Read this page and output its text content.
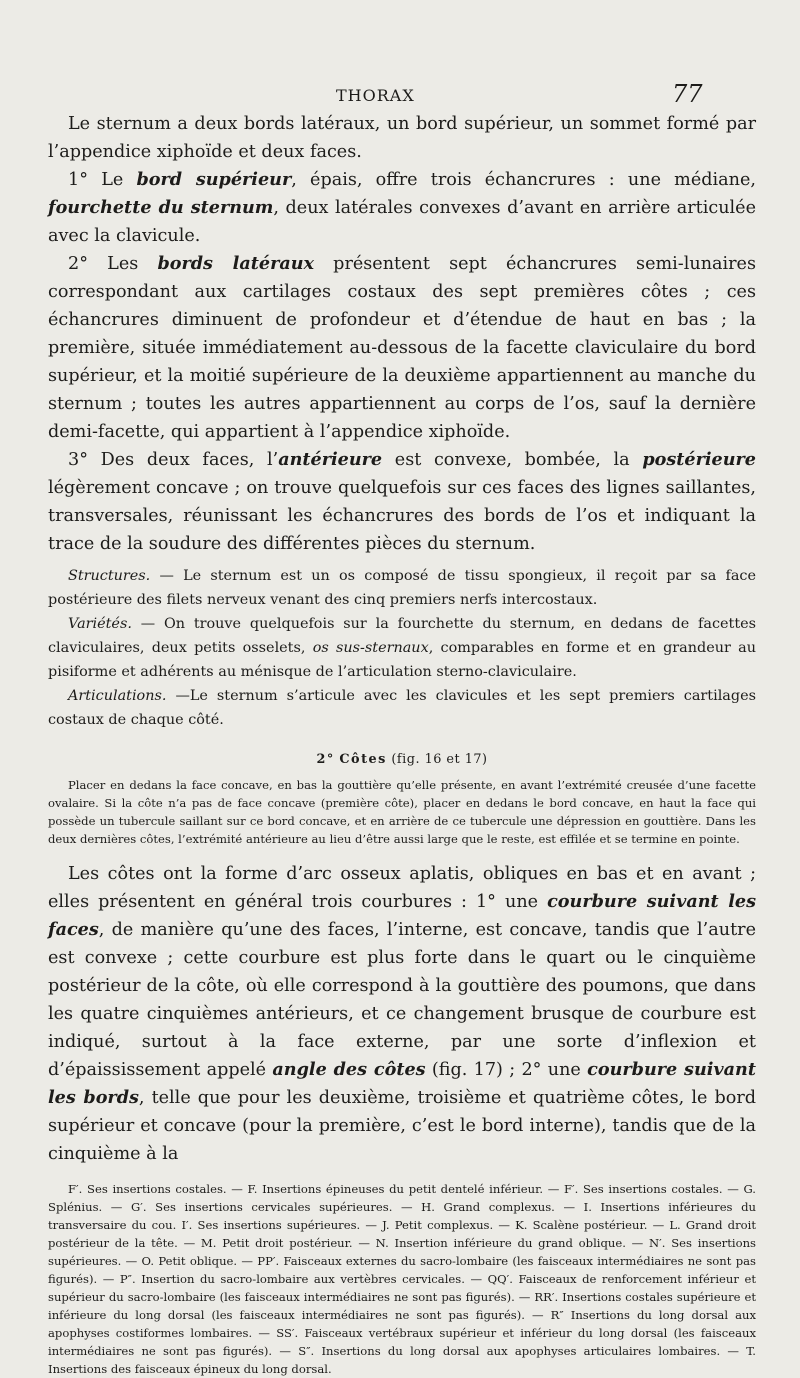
THORAX	77

Le sternum a deux bords latéraux, un bord supérieur, un sommet formé par l’appendice xiphoïde et deux faces.

1° Le bord supérieur, épais, offre trois échancrures : une médiane, fourchette du sternum, deux latérales convexes d’avant en arrière articulée avec la clavicule.

2° Les bords latéraux présentent sept échancrures semi-lunaires correspondant aux cartilages costaux des sept premières côtes ; ces échancrures diminuent de profondeur et d’étendue de haut en bas ; la première, située immédiatement au-dessous de la facette claviculaire du bord supérieur, et la moitié supérieure de la deuxième appartiennent au manche du sternum ; toutes les autres appartiennent au corps de l’os, sauf la dernière demi-facette, qui appartient à l’appendice xiphoïde.

3° Des deux faces, l’antérieure est convexe, bombée, la postérieure légèrement concave ; on trouve quelquefois sur ces faces des lignes saillantes, transversales, réunissant les échancrures des bords de l’os et indiquant la trace de la soudure des différentes pièces du sternum.

Structures. — Le sternum est un os composé de tissu spongieux, il reçoit par sa face postérieure des filets nerveux venant des cinq premiers nerfs intercostaux.

Variétés. — On trouve quelquefois sur la fourchette du sternum, en dedans de facettes claviculaires, deux petits osselets, os sus-sternaux, comparables en forme et en grandeur au pisiforme et adhérents au ménisque de l’articulation sterno-claviculaire.

Articulations. —Le sternum s’articule avec les clavicules et les sept premiers cartilages costaux de chaque côté.

2° Côtes (fig. 16 et 17)

Placer en dedans la face concave, en bas la gouttière qu’elle présente, en avant l’extrémité creusée d’une facette ovalaire. Si la côte n’a pas de face concave (première côte), placer en dedans le bord concave, en haut la face qui possède un tubercule saillant sur ce bord concave, et en arrière de ce tubercule une dépression en gouttière. Dans les deux dernières côtes, l’extrémité antérieure au lieu d’être aussi large que le reste, est effilée et se termine en pointe.

Les côtes ont la forme d’arc osseux aplatis, obliques en bas et en avant ; elles présentent en général trois courbures : 1° une courbure suivant les faces, de manière qu’une des faces, l’interne, est concave, tandis que l’autre est convexe ; cette courbure est plus forte dans le quart ou le cinquième postérieur de la côte, où elle correspond à la gouttière des poumons, que dans les quatre cinquièmes antérieurs, et ce changement brusque de courbure est indiqué, surtout à la face externe, par une sorte d’inflexion et d’épaississement appelé angle des côtes (fig. 17) ; 2° une courbure suivant les bords, telle que pour les deuxième, troisième et quatrième côtes, le bord supérieur et concave (pour la première, c’est le bord interne), tandis que de la cinquième à la

F′. Ses insertions costales. — F. Insertions épineuses du petit dentelé inférieur. — F′. Ses insertions costales. — G. Splénius. — G′. Ses insertions cervicales supérieures. — H. Grand complexus. — I. Insertions inférieures du transversaire du cou. I′. Ses insertions supérieures. — J. Petit complexus. — K. Scalène postérieur. — L. Grand droit postérieur de la tête. — M. Petit droit postérieur. — N. Insertion inférieure du grand oblique. — N′. Ses insertions supérieures. — O. Petit oblique. — PP′. Faisceaux externes du sacro-lombaire (les faisceaux intermédiaires ne sont pas figurés). — P″. Insertion du sacro-lombaire aux vertèbres cervicales. — QQ′. Faisceaux de renforcement inférieur et supérieur du sacro-lombaire (les faisceaux intermédiaires ne sont pas figurés). — RR′. Insertions costales supérieure et inférieure du long dorsal (les faisceaux intermédiaires ne sont pas figurés). — R″ Insertions du long dorsal aux apophyses costiformes lombaires. — SS′. Faisceaux vertébraux supérieur et inférieur du long dorsal (les faisceaux intermédiaires ne sont pas figurés). — S″. Insertions du long dorsal aux apophyses articulaires lombaires. — T. Insertions des faisceaux épineux du long dorsal.
